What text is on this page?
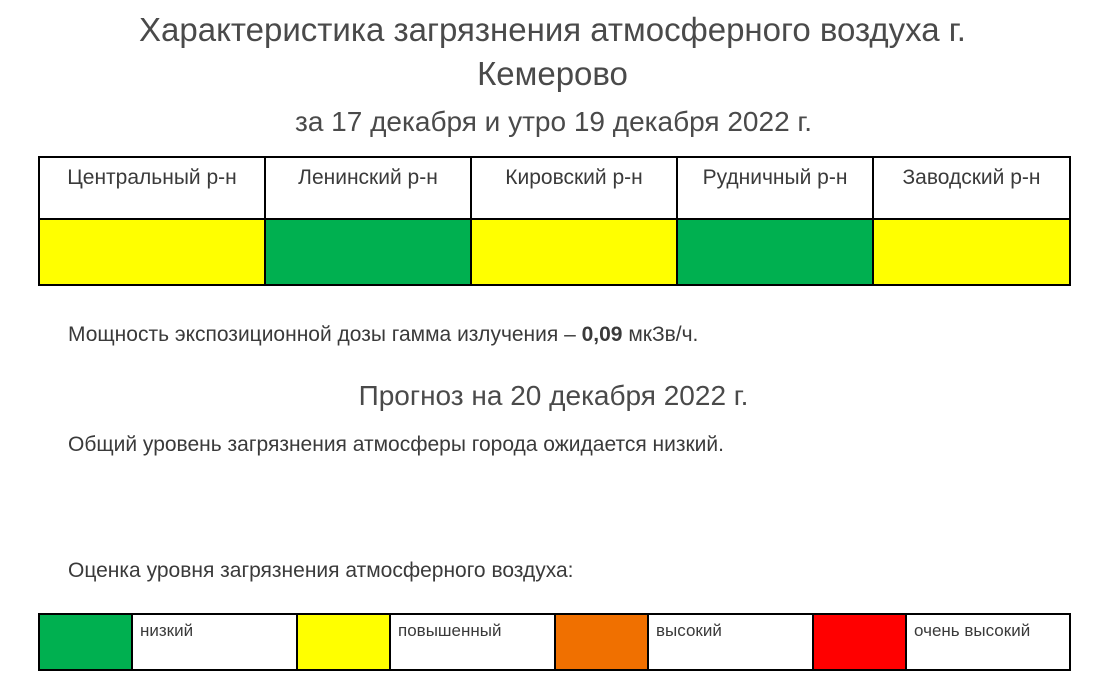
Характеристика загрязнения атмосферного воздуха г. Кемерово
за 17 декабря и утро 19 декабря 2022 г.
Центральный р-н	Ленинский р-н	Кировский р-н	Рудничный р-н	Заводский р-н

Мощность экспозиционной дозы гамма излучения – 0,09 мкЗв/ч.

Прогноз на 20 декабря 2022 г.

Общий уровень загрязнения атмосферы города ожидается низкий.

Оценка уровня загрязнения атмосферного воздуха:

	низкий		повышенный		высокий		очень высокий
